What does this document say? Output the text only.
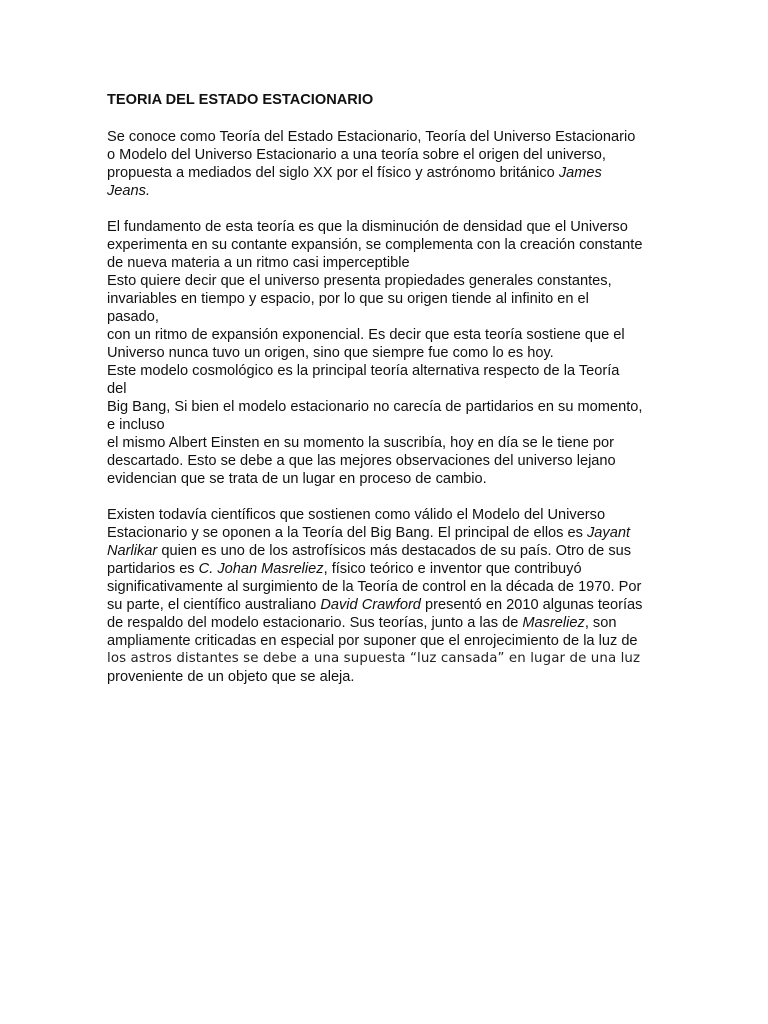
TEORIA DEL ESTADO ESTACIONARIO
Se conoce como Teoría del Estado Estacionario, Teoría del Universo Estacionario
o Modelo del Universo Estacionario a una teoría sobre el origen del universo,
propuesta a mediados del siglo XX por el físico y astrónomo británico James
Jeans.
El fundamento de esta teoría es que la disminución de densidad que el Universo
experimenta en su contante expansión, se complementa con la creación constante
de nueva materia a un ritmo casi imperceptible
Esto quiere decir que el universo presenta propiedades generales constantes,
invariables en tiempo y espacio, por lo que su origen tiende al infinito en el
pasado,
con un ritmo de expansión exponencial. Es decir que esta teoría sostiene que el
Universo nunca tuvo un origen, sino que siempre fue como lo es hoy.
Este modelo cosmológico es la principal teoría alternativa respecto de la Teoría
del
Big Bang, Si bien el modelo estacionario no carecía de partidarios en su momento,
e incluso
el mismo Albert Einsten en su momento la suscribía, hoy en día se le tiene por
descartado. Esto se debe a que las mejores observaciones del universo lejano
evidencian que se trata de un lugar en proceso de cambio.
Existen todavía científicos que sostienen como válido el Modelo del Universo
Estacionario y se oponen a la Teoría del Big Bang. El principal de ellos es Jayant
Narlikar quien es uno de los astrofísicos más destacados de su país. Otro de sus
partidarios es C. Johan Masreliez, físico teórico e inventor que contribuyó
significativamente al surgimiento de la Teoría de control en la década de 1970. Por
su parte, el científico australiano David Crawford presentó en 2010 algunas teorías
de respaldo del modelo estacionario. Sus teorías, junto a las de Masreliez, son
ampliamente criticadas en especial por suponer que el enrojecimiento de la luz de
los astros distantes se debe a una supuesta “luz cansada” en lugar de una luz
proveniente de un objeto que se aleja.
